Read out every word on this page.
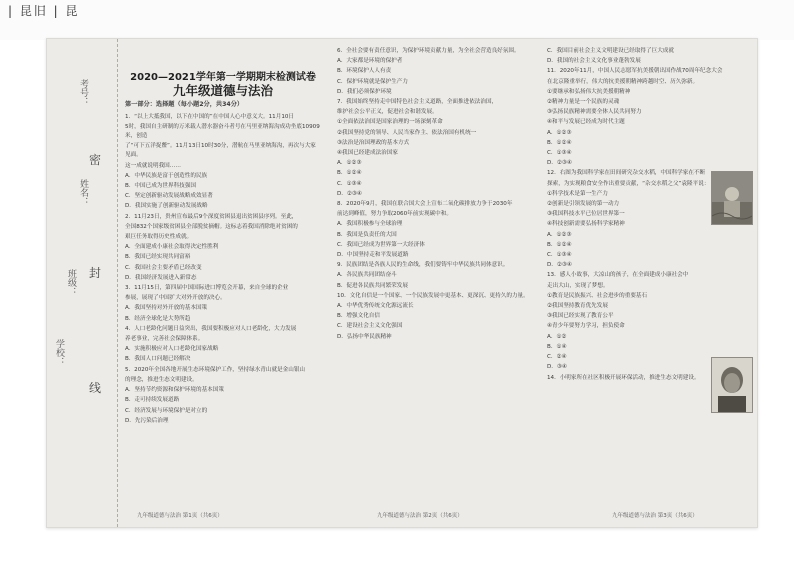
| 昆旧 | 昆
学校：
班级：
姓名：
考号：
密
封
线
2020—2021学年第一学期期末检测试卷
九年级道德与法治
第一部分：选择题（每小题2分，共34分）

1．“以上大抵我国，以下在中国的”在中国人心中意义大。11月10日

5时，我国自主研制的万米载人潜水器奋斗者号在马里亚纳海沟成功坐底10909米，创造

了“可下五洋捉鳖”。11月13日10时30分，潜航在马里亚纳海沟，再次与大家见面。

这一成就说明我国……

A．中华民族是富于创造性的民族

B．中国已成为世界科技强国

C．坚定创新驱动发展战略成效显著

D．我国实施了创新驱动发展战略

2．11月23日，贵州宣布最后9个深度贫困县退出贫困县序列。至此，

全国832个国家级贫困县全部脱贫摘帽。这标志着我国消除绝对贫困的

艰巨任务取得历史性成就。

A．全面建成小康社会取得决定性胜利

B．我国已经实现共同富裕

C．我国社会主要矛盾已经改变

D．我国经济发展进入新常态

3．11月15日，第四届中国国际进口博览会开幕，来自全球的企业

参展，展现了中国扩大对外开放的决心。

A．我国坚持对外开放的基本国策

B．经济全球化是大势所趋

4．人口老龄化问题日益突出，我国要积极应对人口老龄化，大力发展

养老事业，完善社会保障体系。

A．实施积极应对人口老龄化国家战略

B．我国人口问题已经解决

5．2020年全国各地开展生态环境保护工作，坚持绿水青山就是金山银山

的理念，推进生态文明建设。

A．坚持节约资源和保护环境的基本国策

B．走可持续发展道路

C．经济发展与环境保护是对立的

D．先污染后治理

6．全社会要有责任意识，为保护环境贡献力量，为全社会营造良好氛围。

A．大家都是环境的保护者

B．环境保护人人有责

C．保护环境就是保护生产力

D．我们必须保护环境

7．我国始终坚持走中国特色社会主义道路，全面推进依法治国，

维护社会公平正义，促进社会和谐发展。

①全面依法治国是国家治理的一场深刻革命

②我国坚持党的领导、人民当家作主、依法治国有机统一

③法治是治国理政的基本方式

④我国已经建成法治国家

A．①②③

B．①②④

C．①③④

D．②③④

8．2020年9月，我国在联合国大会上宣布二氧化碳排放力争于2030年

前达到峰值，努力争取2060年前实现碳中和。

A．我国积极参与全球治理

B．我国是负责任的大国

C．我国已经成为世界第一大经济体

D．中国坚持走和平发展道路

9．民族团结是各族人民的生命线，我们要铸牢中华民族共同体意识。

A．各民族共同团结奋斗

B．促进各民族共同繁荣发展

10．文化自信是一个国家、一个民族发展中更基本、更深沉、更持久的力量。

A．中华优秀传统文化源远流长

B．增强文化自信

C．建设社会主义文化强国

D．弘扬中华民族精神

C．我国目前社会主义文明建设已经取得了巨大成就

D．我国的社会主义文化事业蓬勃发展

11．2020年11月，中国人民志愿军抗美援朝出国作战70周年纪念大会

在北京隆重举行，伟大的抗美援朝精神跨越时空、历久弥新。

①要继承和弘扬伟大抗美援朝精神

②精神力量是一个民族的灵魂

③弘扬民族精神需要全体人民共同努力

④和平与发展已经成为时代主题

A．①②③

B．①②④

C．①③④

D．②③④

12．右图为我国科学家在田间研究杂交水稻，中国科学家在不断

探索，为实现粮食安全作出重要贡献，“杂交水稻之父”袁隆平说：

①科学技术是第一生产力

②创新是引领发展的第一动力

③我国科技水平已位居世界第一

④科技创新需要弘扬科学家精神

A．①②③

B．①②④

C．①③④

D．②③④

13．感人小故事，大凉山的孩子，在全面建成小康社会中

走出大山，实现了梦想。

①教育是民族振兴、社会进步的重要基石

②我国坚持教育优先发展

③我国已经实现了教育公平

④青少年要努力学习，担负使命

A．①②

B．①④

C．②④

D．③④

14．小明家所在社区积极开展环保活动，推进生态文明建设。

九年级道德与法治 第1页（共6页）	九年级道德与法治 第2页（共6页）	九年级道德与法治 第3页（共6页）
